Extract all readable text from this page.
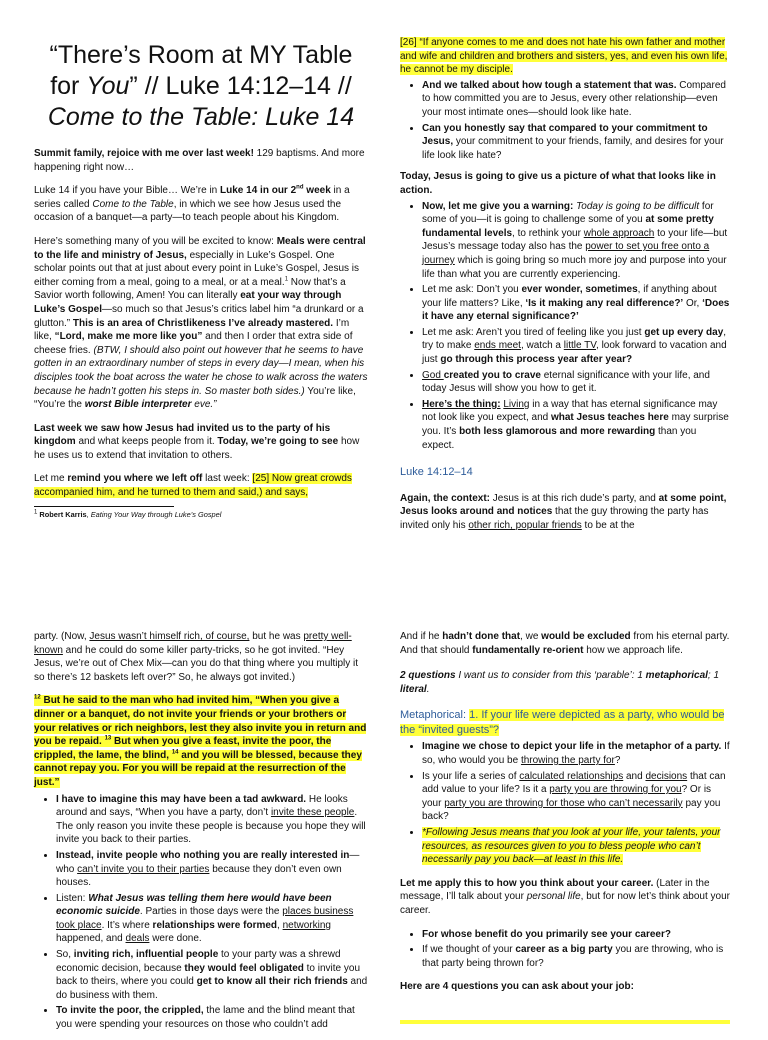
“There’s Room at MY Table
for You” // Luke 14:12–14 //
Come to the Table: Luke 14

Summit family, rejoice with me over last week! 129 baptisms. And more happening right now…

Luke 14 if you have your Bible… We’re in Luke 14 in our 2nd week in a series called Come to the Table, in which we see how Jesus used the occasion of a banquet—a party—to teach people about his Kingdom.

Here’s something many of you will be excited to know: Meals were central to the life and ministry of Jesus, especially in Luke’s Gospel. One scholar points out that at just about every point in Luke’s Gospel, Jesus is either coming from a meal, going to a meal, or at a meal.$^1$ Now that’s a Savior worth following, Amen! You can literally eat your way through Luke’s Gospel—so much so that Jesus’s critics label him “a drunkard or a glutton.” This is an area of Christlikeness I’ve already mastered. I’m like, “Lord, make me more like you” and then I order that extra side of cheese fries. (BTW, I should also point out however that he seems to have gotten in an extraordinary number of steps in every day—I mean, when his disciples took the boat across the water he chose to walk across the waters because he hadn’t gotten his steps in. So master both sides.) You’re like, “You’re the worst Bible interpreter eve.”

Last week we saw how Jesus had invited us to the party of his kingdom and what keeps people from it. Today, we’re going to see how he uses us to extend that invitation to others.

Let me remind you where we left off last week: [25] Now great crowds accompanied him, and he turned to them and said,) and says,

$^1$ Robert Karris, Eating Your Way through Luke’s Gospel

[26] “If anyone comes to me and does not hate his own father and mother and wife and children and brothers and sisters, yes, and even his own life, he cannot be my disciple.

• And we talked about how tough a statement that was. Compared to how committed you are to Jesus, every other relationship—even your most intimate ones—should look like hate.
• Can you honestly say that compared to your commitment to Jesus, your commitment to your friends, family, and desires for your life look like hate?

Today, Jesus is going to give us a picture of what that looks like in action.

• Now, let me give you a warning: Today is going to be difficult for some of you—it is going to challenge some of you at some pretty fundamental levels, to rethink your whole approach to your life—but Jesus’s message today also has the power to set you free onto a journey which is going bring so much more joy and purpose into your life than what you are currently experiencing.
• Let me ask: Don’t you ever wonder, sometimes, if anything about your life matters? Like, ‘Is it making any real difference?’ Or, ‘Does it have any eternal significance?’
• Let me ask: Aren’t you tired of feeling like you just get up every day, try to make ends meet, watch a little TV, look forward to vacation and just go through this process year after year?
• God created you to crave eternal significance with your life, and today Jesus will show you how to get it.
• Here’s the thing: Living in a way that has eternal significance may not look like you expect, and what Jesus teaches here may surprise you. It’s both less glamorous and more rewarding than you expect.

Luke 14:12–14

Again, the context: Jesus is at this rich dude’s party, and at some point, Jesus looks around and notices that the guy throwing the party has invited only his other rich, popular friends to be at the

party. (Now, Jesus wasn’t himself rich, of course, but he was pretty well-known and he could do some killer party-tricks, so he got invited. “Hey Jesus, we’re out of Chex Mix—can you do that thing where you multiply it so there’s 12 baskets left over?” So, he always got invited.)

$^{12}$ But he said to the man who had invited him, “When you give a dinner or a banquet, do not invite your friends or your brothers or your relatives or rich neighbors, lest they also invite you in return and you be repaid. $^{13}$ But when you give a feast, invite the poor, the crippled, the lame, the blind, $^{14}$ and you will be blessed, because they cannot repay you. For you will be repaid at the resurrection of the just.”

• I have to imagine this may have been a tad awkward. He looks around and says, “When you have a party, don’t invite these people. The only reason you invite these people is because you hope they will invite you back to their parties.
• Instead, invite people who nothing you are really interested in—who can’t invite you to their parties because they don’t even own houses.
• Listen: What Jesus was telling them here would have been economic suicide. Parties in those days were the places business took place. It’s where relationships were formed, networking happened, and deals were done.
• So, inviting rich, influential people to your party was a shrewd economic decision, because they would feel obligated to invite you back to theirs, where you could get to know all their rich friends and do business with them.
• To invite the poor, the crippled, the lame and the blind meant that you were spending your resources on those who couldn’t add

And if he hadn’t done that, we would be excluded from his eternal party. And that should fundamentally re-orient how we approach life.

2 questions I want us to consider from this ‘parable’: 1 metaphorical; 1 literal.

Metaphorical: 1. If your life were depicted as a party, who would be the “invited guests”?

• Imagine we chose to depict your life in the metaphor of a party. If so, who would you be throwing the party for?
• Is your life a series of calculated relationships and decisions that can add value to your life? Is it a party you are throwing for you? Or is your party you are throwing for those who can’t necessarily pay you back?
• *Following Jesus means that you look at your life, your talents, your resources, as resources given to you to bless people who can’t necessarily pay you back—at least in this life.

Let me apply this to how you think about your career. (Later in the message, I’ll talk about your personal life, but for now let’s think about your career.

• For whose benefit do you primarily see your career?
• If we thought of your career as a big party you are throwing, who is that party being thrown for?

Here are 4 questions you can ask about your job:
